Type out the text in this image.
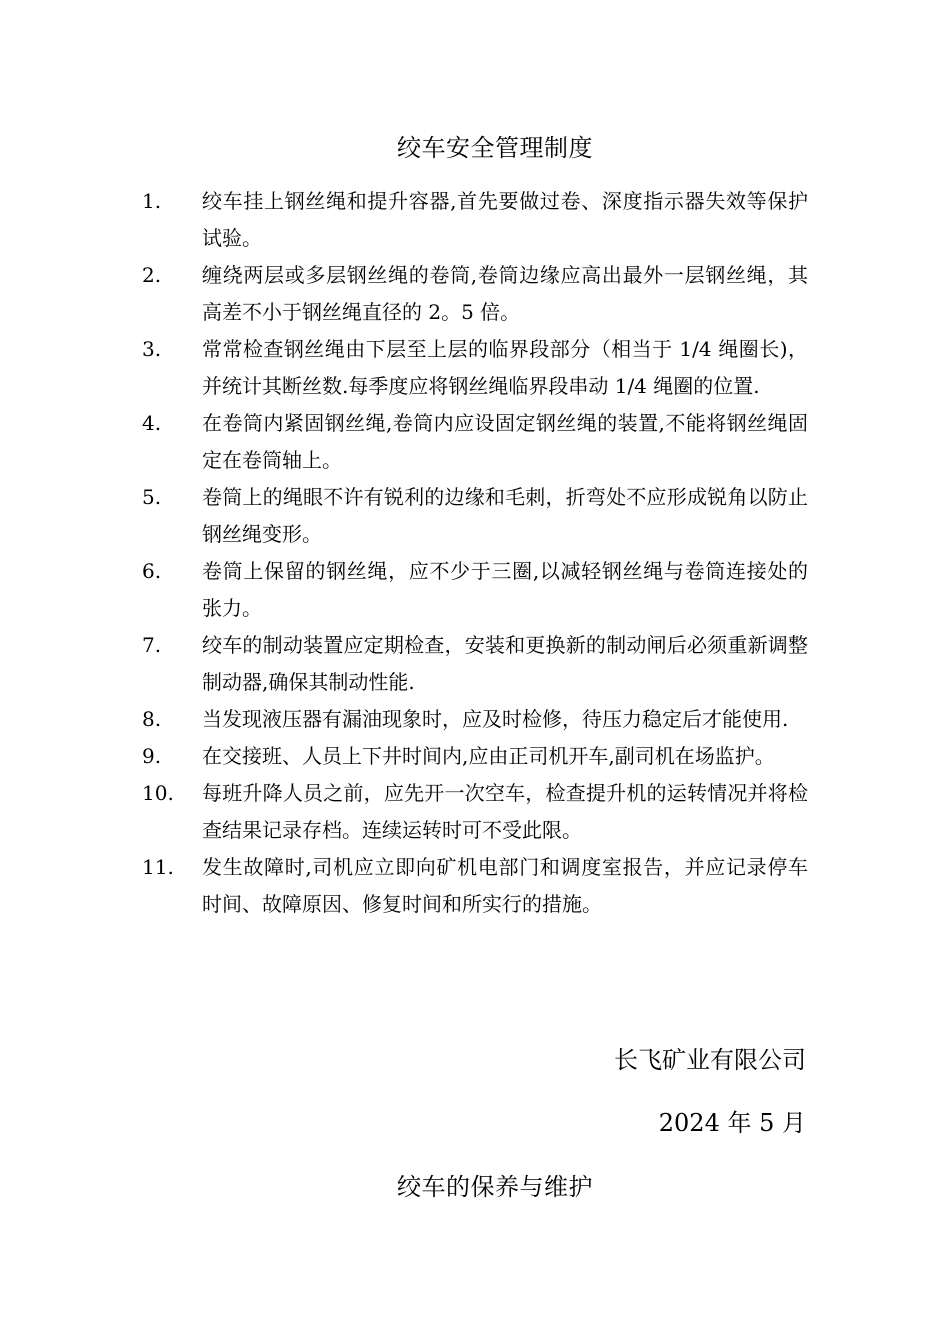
绞车安全管理制度
1.	绞车挂上钢丝绳和提升容器,首先要做过卷、深度指示器失效等保护试验。
2.	缠绕两层或多层钢丝绳的卷筒,卷筒边缘应高出最外一层钢丝绳，其高差不小于钢丝绳直径的 2。5 倍。
3.	常常检查钢丝绳由下层至上层的临界段部分（相当于 1/4 绳圈长)，并统计其断丝数.每季度应将钢丝绳临界段串动 1/4 绳圈的位置.
4.	在卷筒内紧固钢丝绳,卷筒内应设固定钢丝绳的装置,不能将钢丝绳固定在卷筒轴上。
5.	卷筒上的绳眼不许有锐利的边缘和毛刺，折弯处不应形成锐角以防止钢丝绳变形。
6.	卷筒上保留的钢丝绳，应不少于三圈,以减轻钢丝绳与卷筒连接处的张力。
7.	绞车的制动装置应定期检查，安装和更换新的制动闸后必须重新调整制动器,确保其制动性能.
8.	当发现液压器有漏油现象时，应及时检修，待压力稳定后才能使用.
9.	在交接班、人员上下井时间内,应由正司机开车,副司机在场监护。
10.	每班升降人员之前，应先开一次空车，检查提升机的运转情况并将检查结果记录存档。连续运转时可不受此限。
11.	发生故障时,司机应立即向矿机电部门和调度室报告，并应记录停车时间、故障原因、修复时间和所实行的措施。
长飞矿业有限公司
2024 年 5 月
绞车的保养与维护
